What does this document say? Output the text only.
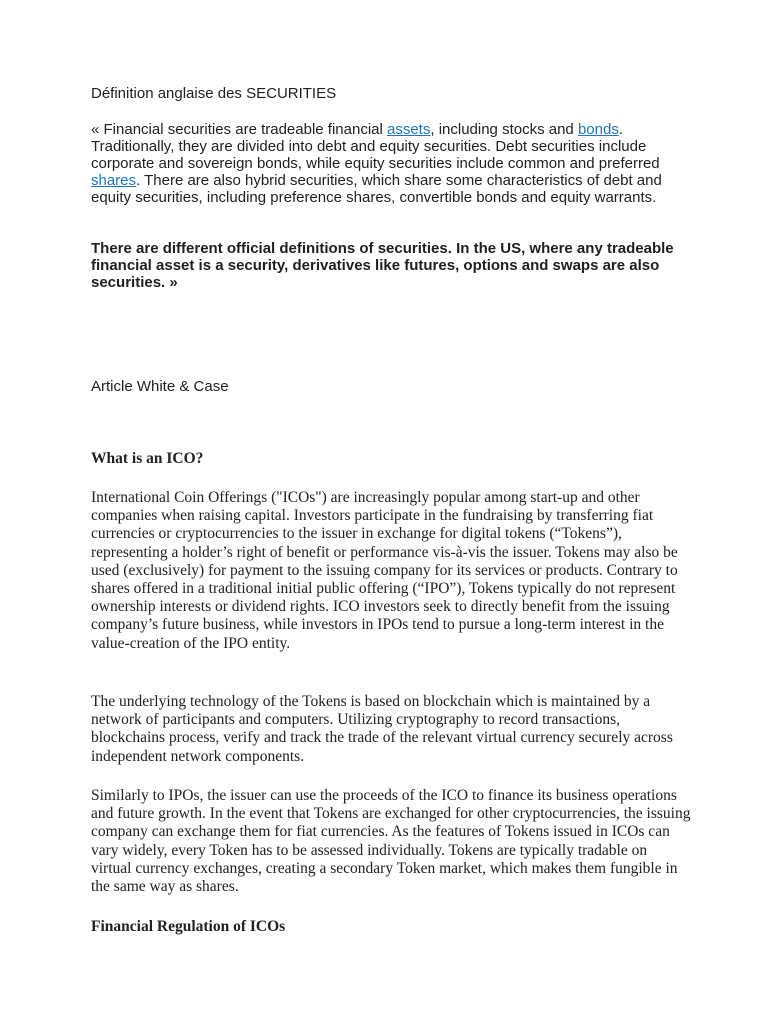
Définition anglaise des SECURITIES

« Financial securities are tradeable financial assets, including stocks and bonds. Traditionally, they are divided into debt and equity securities. Debt securities include corporate and sovereign bonds, while equity securities include common and preferred shares. There are also hybrid securities, which share some characteristics of debt and equity securities, including preference shares, convertible bonds and equity warrants.

There are different official definitions of securities. In the US, where any tradeable financial asset is a security, derivatives like futures, options and swaps are also securities. »

Article White & Case

What is an ICO?

International Coin Offerings ("ICOs") are increasingly popular among start-up and other companies when raising capital. Investors participate in the fundraising by transferring fiat currencies or cryptocurrencies to the issuer in exchange for digital tokens (“Tokens”), representing a holder’s right of benefit or performance vis-à-vis the issuer. Tokens may also be used (exclusively) for payment to the issuing company for its services or products. Contrary to shares offered in a traditional initial public offering (“IPO”), Tokens typically do not represent ownership interests or dividend rights. ICO investors seek to directly benefit from the issuing company’s future business, while investors in IPOs tend to pursue a long-term interest in the value-creation of the IPO entity.

The underlying technology of the Tokens is based on blockchain which is maintained by a network of participants and computers. Utilizing cryptography to record transactions, blockchains process, verify and track the trade of the relevant virtual currency securely across independent network components.

Similarly to IPOs, the issuer can use the proceeds of the ICO to finance its business operations and future growth. In the event that Tokens are exchanged for other cryptocurrencies, the issuing company can exchange them for fiat currencies. As the features of Tokens issued in ICOs can vary widely, every Token has to be assessed individually. Tokens are typically tradable on virtual currency exchanges, creating a secondary Token market, which makes them fungible in the same way as shares.

Financial Regulation of ICOs
